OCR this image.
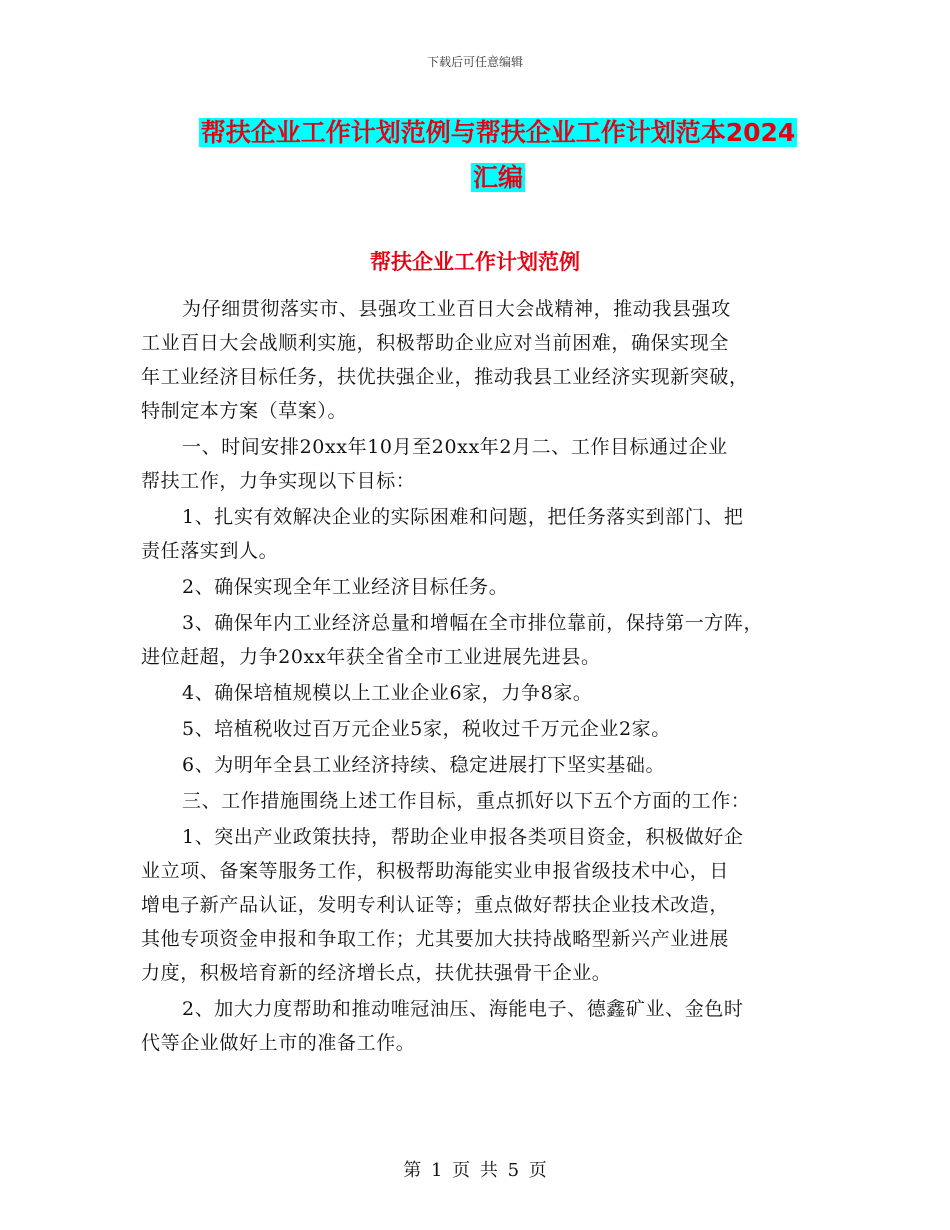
下载后可任意编辑
帮扶企业工作计划范例与帮扶企业工作计划范本2024
汇编
帮扶企业工作计划范例

为仔细贯彻落实市、县强攻工业百日大会战精神，推动我县强攻
工业百日大会战顺利实施，积极帮助企业应对当前困难，确保实现全
年工业经济目标任务，扶优扶强企业，推动我县工业经济实现新突破，
特制定本方案（草案）。

一、时间安排20xx年10月至20xx年2月二、工作目标通过企业
帮扶工作，力争实现以下目标：

1、扎实有效解决企业的实际困难和问题，把任务落实到部门、把
责任落实到人。

2、确保实现全年工业经济目标任务。

3、确保年内工业经济总量和增幅在全市排位靠前，保持第一方阵，
进位赶超，力争20xx年获全省全市工业进展先进县。

4、确保培植规模以上工业企业6家，力争8家。

5、培植税收过百万元企业5家，税收过千万元企业2家。

6、为明年全县工业经济持续、稳定进展打下坚实基础。

三、工作措施围绕上述工作目标，重点抓好以下五个方面的工作：

1、突出产业政策扶持，帮助企业申报各类项目资金，积极做好企
业立项、备案等服务工作，积极帮助海能实业申报省级技术中心，日
增电子新产品认证，发明专利认证等；重点做好帮扶企业技术改造，
其他专项资金申报和争取工作；尤其要加大扶持战略型新兴产业进展
力度，积极培育新的经济增长点，扶优扶强骨干企业。

2、加大力度帮助和推动唯冠油压、海能电子、德鑫矿业、金色时
代等企业做好上市的准备工作。

第 1 页 共 5 页
